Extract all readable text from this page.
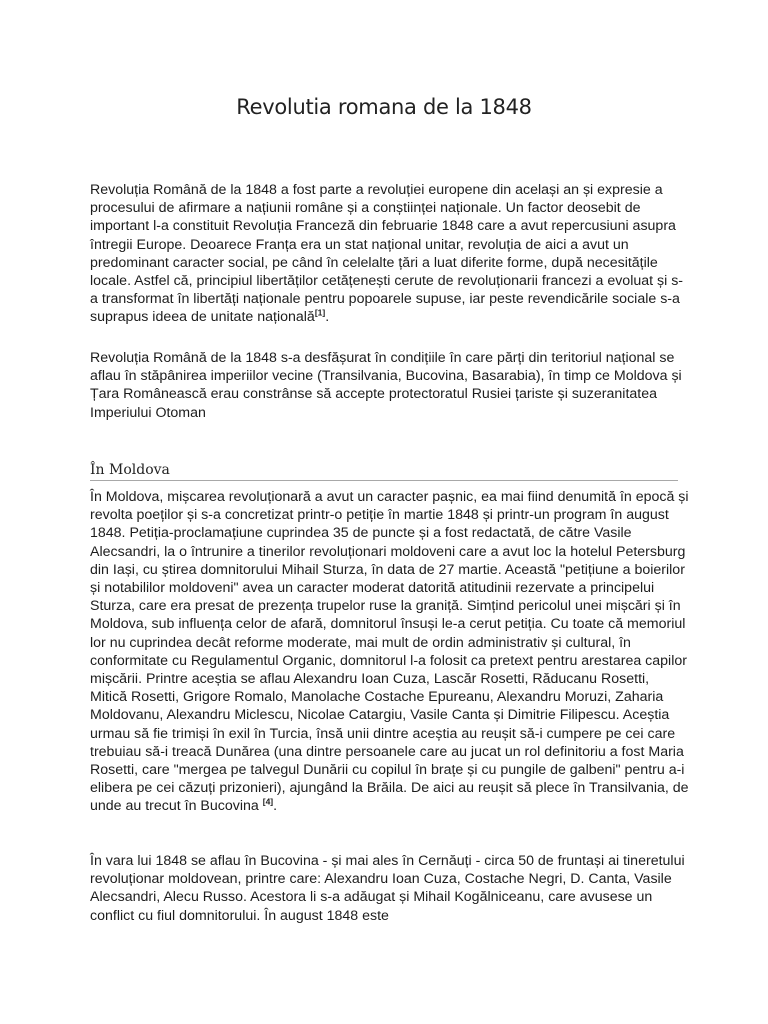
Revolutia romana de la 1848

Revoluția Română de la 1848 a fost parte a revoluției europene din același an și expresie a procesului de afirmare a națiunii române și a conștiinței naționale. Un factor deosebit de important l-a constituit Revoluția Franceză din februarie 1848 care a avut repercusiuni asupra întregii Europe. Deoarece Franța era un stat național unitar, revoluția de aici a avut un predominant caracter social, pe când în celelalte țări a luat diferite forme, după necesitățile locale. Astfel că, principiul libertăților cetățenești cerute de revoluționarii francezi a evoluat și s-a transformat în libertăți naționale pentru popoarele supuse, iar peste revendicările sociale s-a suprapus ideea de unitate națională[1].

Revoluția Română de la 1848 s-a desfășurat în condițiile în care părți din teritoriul național se aflau în stăpânirea imperiilor vecine (Transilvania, Bucovina, Basarabia), în timp ce Moldova și Țara Românească erau constrânse să accepte protectoratul Rusiei țariste și suzeranitatea Imperiului Otoman

În Moldova

În Moldova, mișcarea revoluționară a avut un caracter pașnic, ea mai fiind denumită în epocă și revolta poeților și s-a concretizat printr-o petiție în martie 1848 și printr-un program în august 1848. Petiția-proclamațiune cuprindea 35 de puncte și a fost redactată, de către Vasile Alecsandri, la o întrunire a tinerilor revoluționari moldoveni care a avut loc la hotelul Petersburg din Iași, cu știrea domnitorului Mihail Sturza, în data de 27 martie. Această "petițiune a boierilor și notabililor moldoveni" avea un caracter moderat datorită atitudinii rezervate a principelui Sturza, care era presat de prezența trupelor ruse la graniță. Simțind pericolul unei mișcări și în Moldova, sub influența celor de afară, domnitorul însuși le-a cerut petiția. Cu toate că memoriul lor nu cuprindea decât reforme moderate, mai mult de ordin administrativ și cultural, în conformitate cu Regulamentul Organic, domnitorul l-a folosit ca pretext pentru arestarea capilor mișcării. Printre aceștia se aflau Alexandru Ioan Cuza, Lascăr Rosetti, Răducanu Rosetti, Mitică Rosetti, Grigore Romalo, Manolache Costache Epureanu, Alexandru Moruzi, Zaharia Moldovanu, Alexandru Miclescu, Nicolae Catargiu, Vasile Canta și Dimitrie Filipescu. Aceștia urmau să fie trimiși în exil în Turcia, însă unii dintre aceștia au reușit să-i cumpere pe cei care trebuiau să-i treacă Dunărea (una dintre persoanele care au jucat un rol definitoriu a fost Maria Rosetti, care "mergea pe talvegul Dunării cu copilul în brațe și cu pungile de galbeni" pentru a-i elibera pe cei căzuți prizonieri), ajungând la Brăila. De aici au reușit să plece în Transilvania, de unde au trecut în Bucovina [4].

În vara lui 1848 se aflau în Bucovina - și mai ales în Cernăuți - circa 50 de fruntași ai tineretului revoluționar moldovean, printre care: Alexandru Ioan Cuza, Costache Negri, D. Canta, Vasile Alecsandri, Alecu Russo. Acestora li s-a adăugat și Mihail Kogălniceanu, care avusese un conflict cu fiul domnitorului. În august 1848 este
